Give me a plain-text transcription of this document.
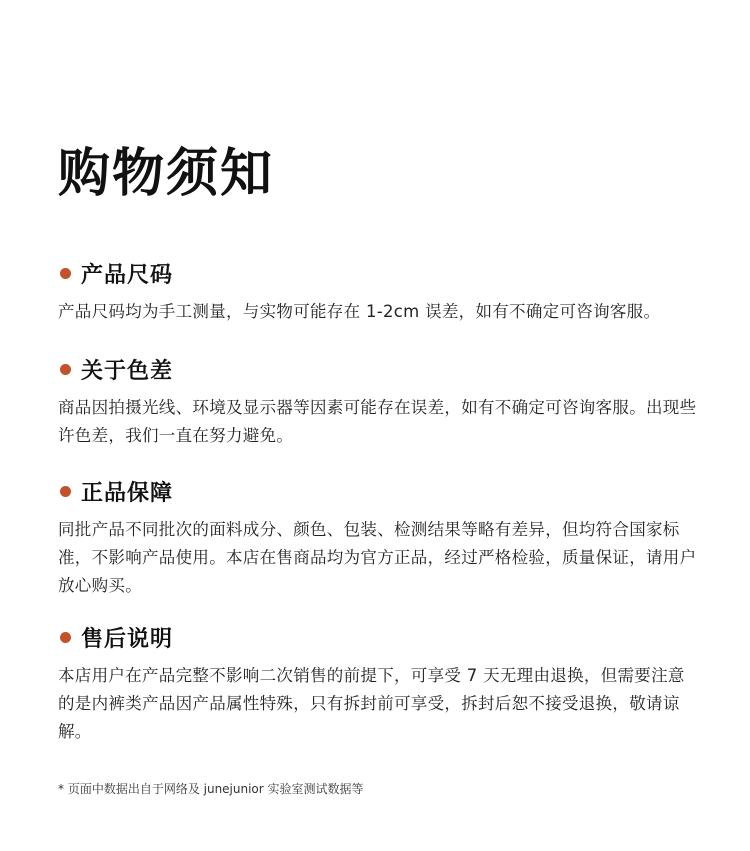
购物须知
产品尺码

产品尺码均为手工测量，与实物可能存在 1-2cm 误差，如有不确定可咨询客服。

关于色差

商品因拍摄光线、环境及显示器等因素可能存在误差，如有不确定可咨询客服。出现些许色差，我们一直在努力避免。

正品保障

同批产品不同批次的面料成分、颜色、包装、检测结果等略有差异，但均符合国家标准，不影响产品使用。本店在售商品均为官方正品，经过严格检验，质量保证，请用户放心购买。

售后说明

本店用户在产品完整不影响二次销售的前提下，可享受 7 天无理由退换，但需要注意的是内裤类产品因产品属性特殊，只有拆封前可享受，拆封后恕不接受退换，敬请谅解。

* 页面中数据出自于网络及 junejunior 实验室测试数据等
